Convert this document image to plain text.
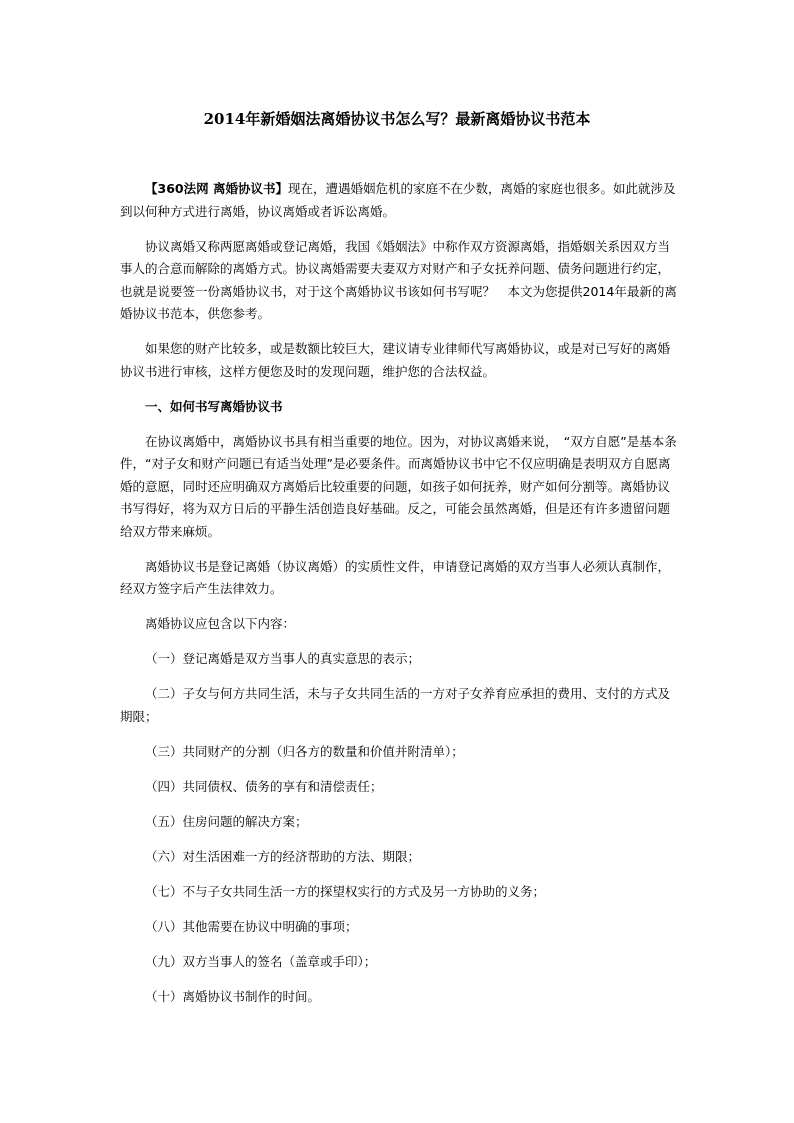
2014年新婚姻法离婚协议书怎么写？最新离婚协议书范本

【360法网 离婚协议书】现在，遭遇婚姻危机的家庭不在少数，离婚的家庭也很多。如此就涉及到以何种方式进行离婚，协议离婚或者诉讼离婚。

协议离婚又称两愿离婚或登记离婚，我国《婚姻法》中称作双方资源离婚，指婚姻关系因双方当事人的合意而解除的离婚方式。协议离婚需要夫妻双方对财产和子女抚养问题、债务问题进行约定，也就是说要签一份离婚协议书，对于这个离婚协议书该如何书写呢？　本文为您提供2014年最新的离婚协议书范本，供您参考。

如果您的财产比较多，或是数额比较巨大，建议请专业律师代写离婚协议，或是对已写好的离婚协议书进行审核，这样方便您及时的发现问题，维护您的合法权益。

一、如何书写离婚协议书

在协议离婚中，离婚协议书具有相当重要的地位。因为，对协议离婚来说，　“双方自愿”是基本条件，“对子女和财产问题已有适当处理”是必要条件。而离婚协议书中它不仅应明确是表明双方自愿离婚的意愿，同时还应明确双方离婚后比较重要的问题，如孩子如何抚养，财产如何分割等。离婚协议书写得好，将为双方日后的平静生活创造良好基础。反之，可能会虽然离婚，但是还有许多遗留问题给双方带来麻烦。

离婚协议书是登记离婚（协议离婚）的实质性文件，申请登记离婚的双方当事人必须认真制作，经双方签字后产生法律效力。

离婚协议应包含以下内容：

（一）登记离婚是双方当事人的真实意思的表示；

（二）子女与何方共同生活，未与子女共同生活的一方对子女养育应承担的费用、支付的方式及期限；

（三）共同财产的分割（归各方的数量和价值并附清单）；

（四）共同债权、债务的享有和清偿责任；

（五）住房问题的解决方案；

（六）对生活困难一方的经济帮助的方法、期限；

（七）不与子女共同生活一方的探望权实行的方式及另一方协助的义务；

（八）其他需要在协议中明确的事项；

（九）双方当事人的签名（盖章或手印）；

（十）离婚协议书制作的时间。
